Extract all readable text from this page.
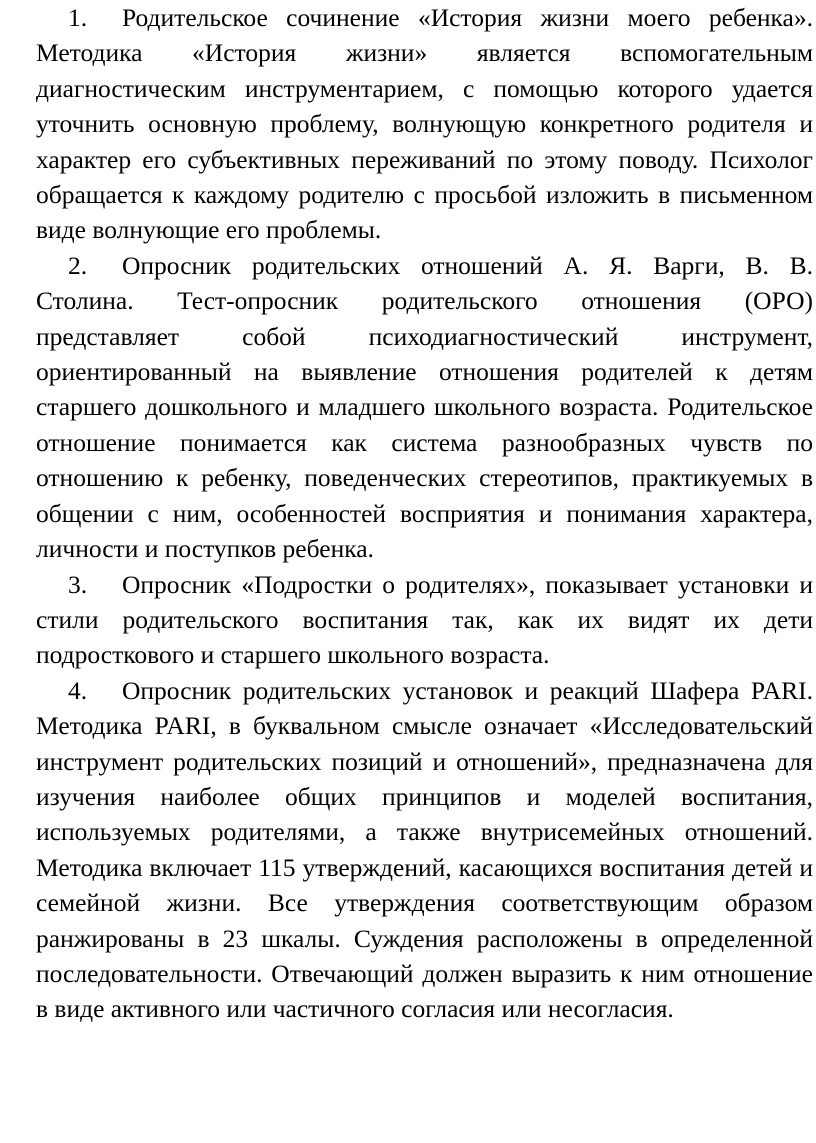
1. Родительское сочинение «История жизни моего ребенка». Методика «История жизни» является вспомогательным диагностическим инструментарием, с помощью которого удается уточнить основную проблему, волнующую конкретного родителя и характер его субъективных переживаний по этому поводу. Психолог обращается к каждому родителю с просьбой изложить в письменном виде волнующие его проблемы.

2. Опросник родительских отношений А. Я. Варги, В. В. Столина. Тест-опросник родительского отношения (ОРО) представляет собой психодиагностический инструмент, ориентированный на выявление отношения родителей к детям старшего дошкольного и младшего школьного возраста. Родительское отношение понимается как система разнообразных чувств по отношению к ребенку, поведенческих стереотипов, практикуемых в общении с ним, особенностей восприятия и понимания характера, личности и поступков ребенка.

3. Опросник «Подростки о родителях», показывает установки и стили родительского воспитания так, как их видят их дети подросткового и старшего школьного возраста.

4. Опросник родительских установок и реакций Шафера PARI. Методика PARI, в буквальном смысле означает «Исследовательский инструмент родительских позиций и отношений», предназначена для изучения наиболее общих принципов и моделей воспитания, используемых родителями, а также внутрисемейных отношений. Методика включает 115 утверждений, касающихся воспитания детей и семейной жизни. Все утверждения соответствующим образом ранжированы в 23 шкалы. Суждения расположены в определенной последовательности. Отвечающий должен выразить к ним отношение в виде активного или частичного согласия или несогласия.
